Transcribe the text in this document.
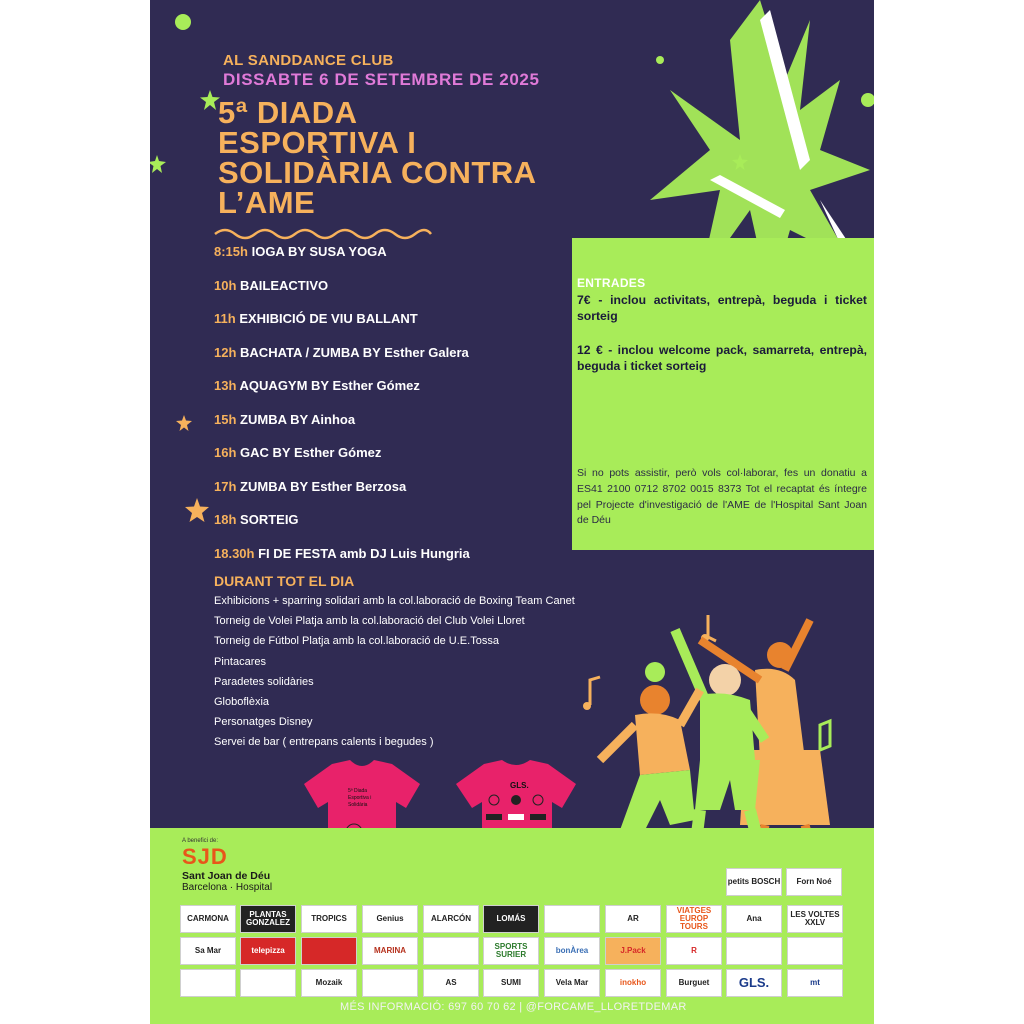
AL SANDDANCE CLUB
DISSABTE 6 DE SETEMBRE DE 2025
5ª DIADA
ESPORTIVA I
SOLIDÀRIA CONTRA
L’AME
8:15h IOGA BY SUSA YOGA
10h BAILEACTIVO
11h EXHIBICIÓ DE VIU BALLANT
12h BACHATA / ZUMBA BY Esther Galera
13h AQUAGYM BY Esther Gómez
15h ZUMBA BY Ainhoa
16h GAC BY Esther Gómez
17h ZUMBA BY Esther Berzosa
18h SORTEIG
18.30h FI DE FESTA amb DJ Luis Hungria
DURANT TOT EL DIA
Exhibicions + sparring solidari amb la col.laboració de Boxing Team Canet
Torneig de Volei Platja amb la col.laboració del Club Volei Lloret
Torneig de Fútbol Platja amb la col.laboració de U.E.Tossa
Pintacares
Paradetes solidàries
Globoflèxia
Personatges Disney
Servei de bar ( entrepans calents i begudes )
ENTRADES
7€ - inclou activitats, entrepà, beguda i ticket sorteig
12 € - inclou welcome pack, samarreta, entrepà, beguda i ticket sorteig
Si no pots assistir, però vols col·laborar, fes un donatiu a ES41 2100 0712 8702 0015 8373 Tot el recaptat és íntegre pel Projecte d'investigació de l'AME de l'Hospital Sant Joan de Déu
5ª Diada
Esportiva i
Solidària
GLS.
A benefici de:
SJD
Sant Joan de Déu
Barcelona · Hospital
petits BOSCH	Forn Noé
CARMONA	PLANTAS GONZALEZ	TROPICS	Genius	ALARCÓN	LOMÁS	AR
VIATGES EUROP TOURS
Ana	LES VOLTES XXLV
Sa Mar	telepizza	MARINA	SPORTS SURIER	bonÀrea	J.Pack	R
Mozaik	AS	SUMI	Vela Mar	inokho	Burguet	GLS.	mt
MÉS INFORMACIÓ: 697 60 70 62 | @FORCAME_LLORETDEMAR
